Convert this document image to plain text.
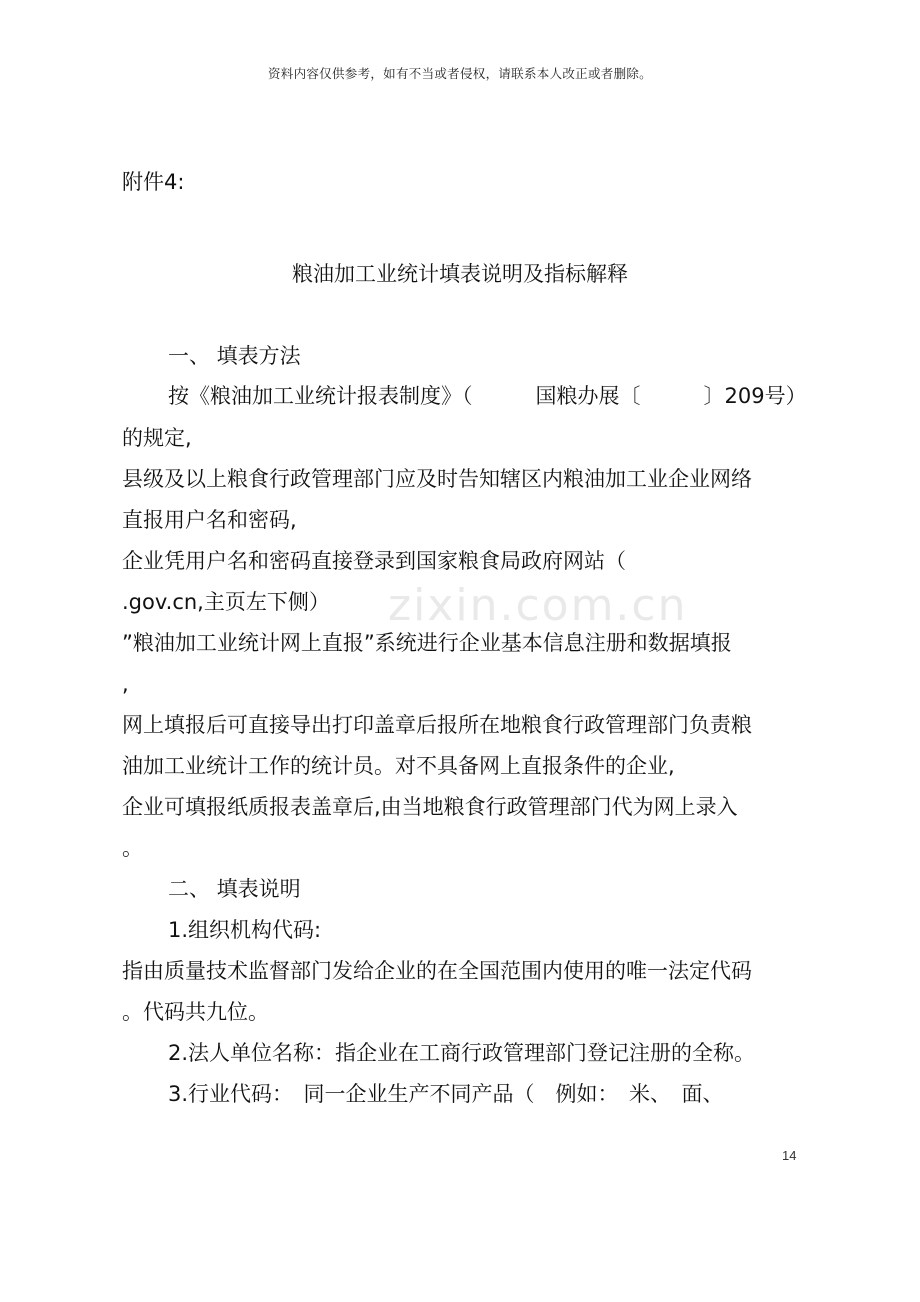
资料内容仅供参考，如有不当或者侵权，请联系本人改正或者删除。
附件4:
粮油加工业统计填表说明及指标解释
一、 填表方法
按《粮油加工业统计报表制度》（　　　国粮办展〔　　　〕209号）
的规定,
县级及以上粮食行政管理部门应及时告知辖区内粮油加工业企业网络
直报用户名和密码,
企业凭用户名和密码直接登录到国家粮食局政府网站（
.gov.cn,主页左下侧）
”粮油加工业统计网上直报”系统进行企业基本信息注册和数据填报
,
网上填报后可直接导出打印盖章后报所在地粮食行政管理部门负责粮
油加工业统计工作的统计员。对不具备网上直报条件的企业,
企业可填报纸质报表盖章后,由当地粮食行政管理部门代为网上录入
。
二、 填表说明
1.组织机构代码:
指由质量技术监督部门发给企业的在全国范围内使用的唯一法定代码
。代码共九位。
2.法人单位名称：指企业在工商行政管理部门登记注册的全称。
3.行业代码：　同一企业生产不同产品（　例如：　米、　面、
zixin.com.cn
14
